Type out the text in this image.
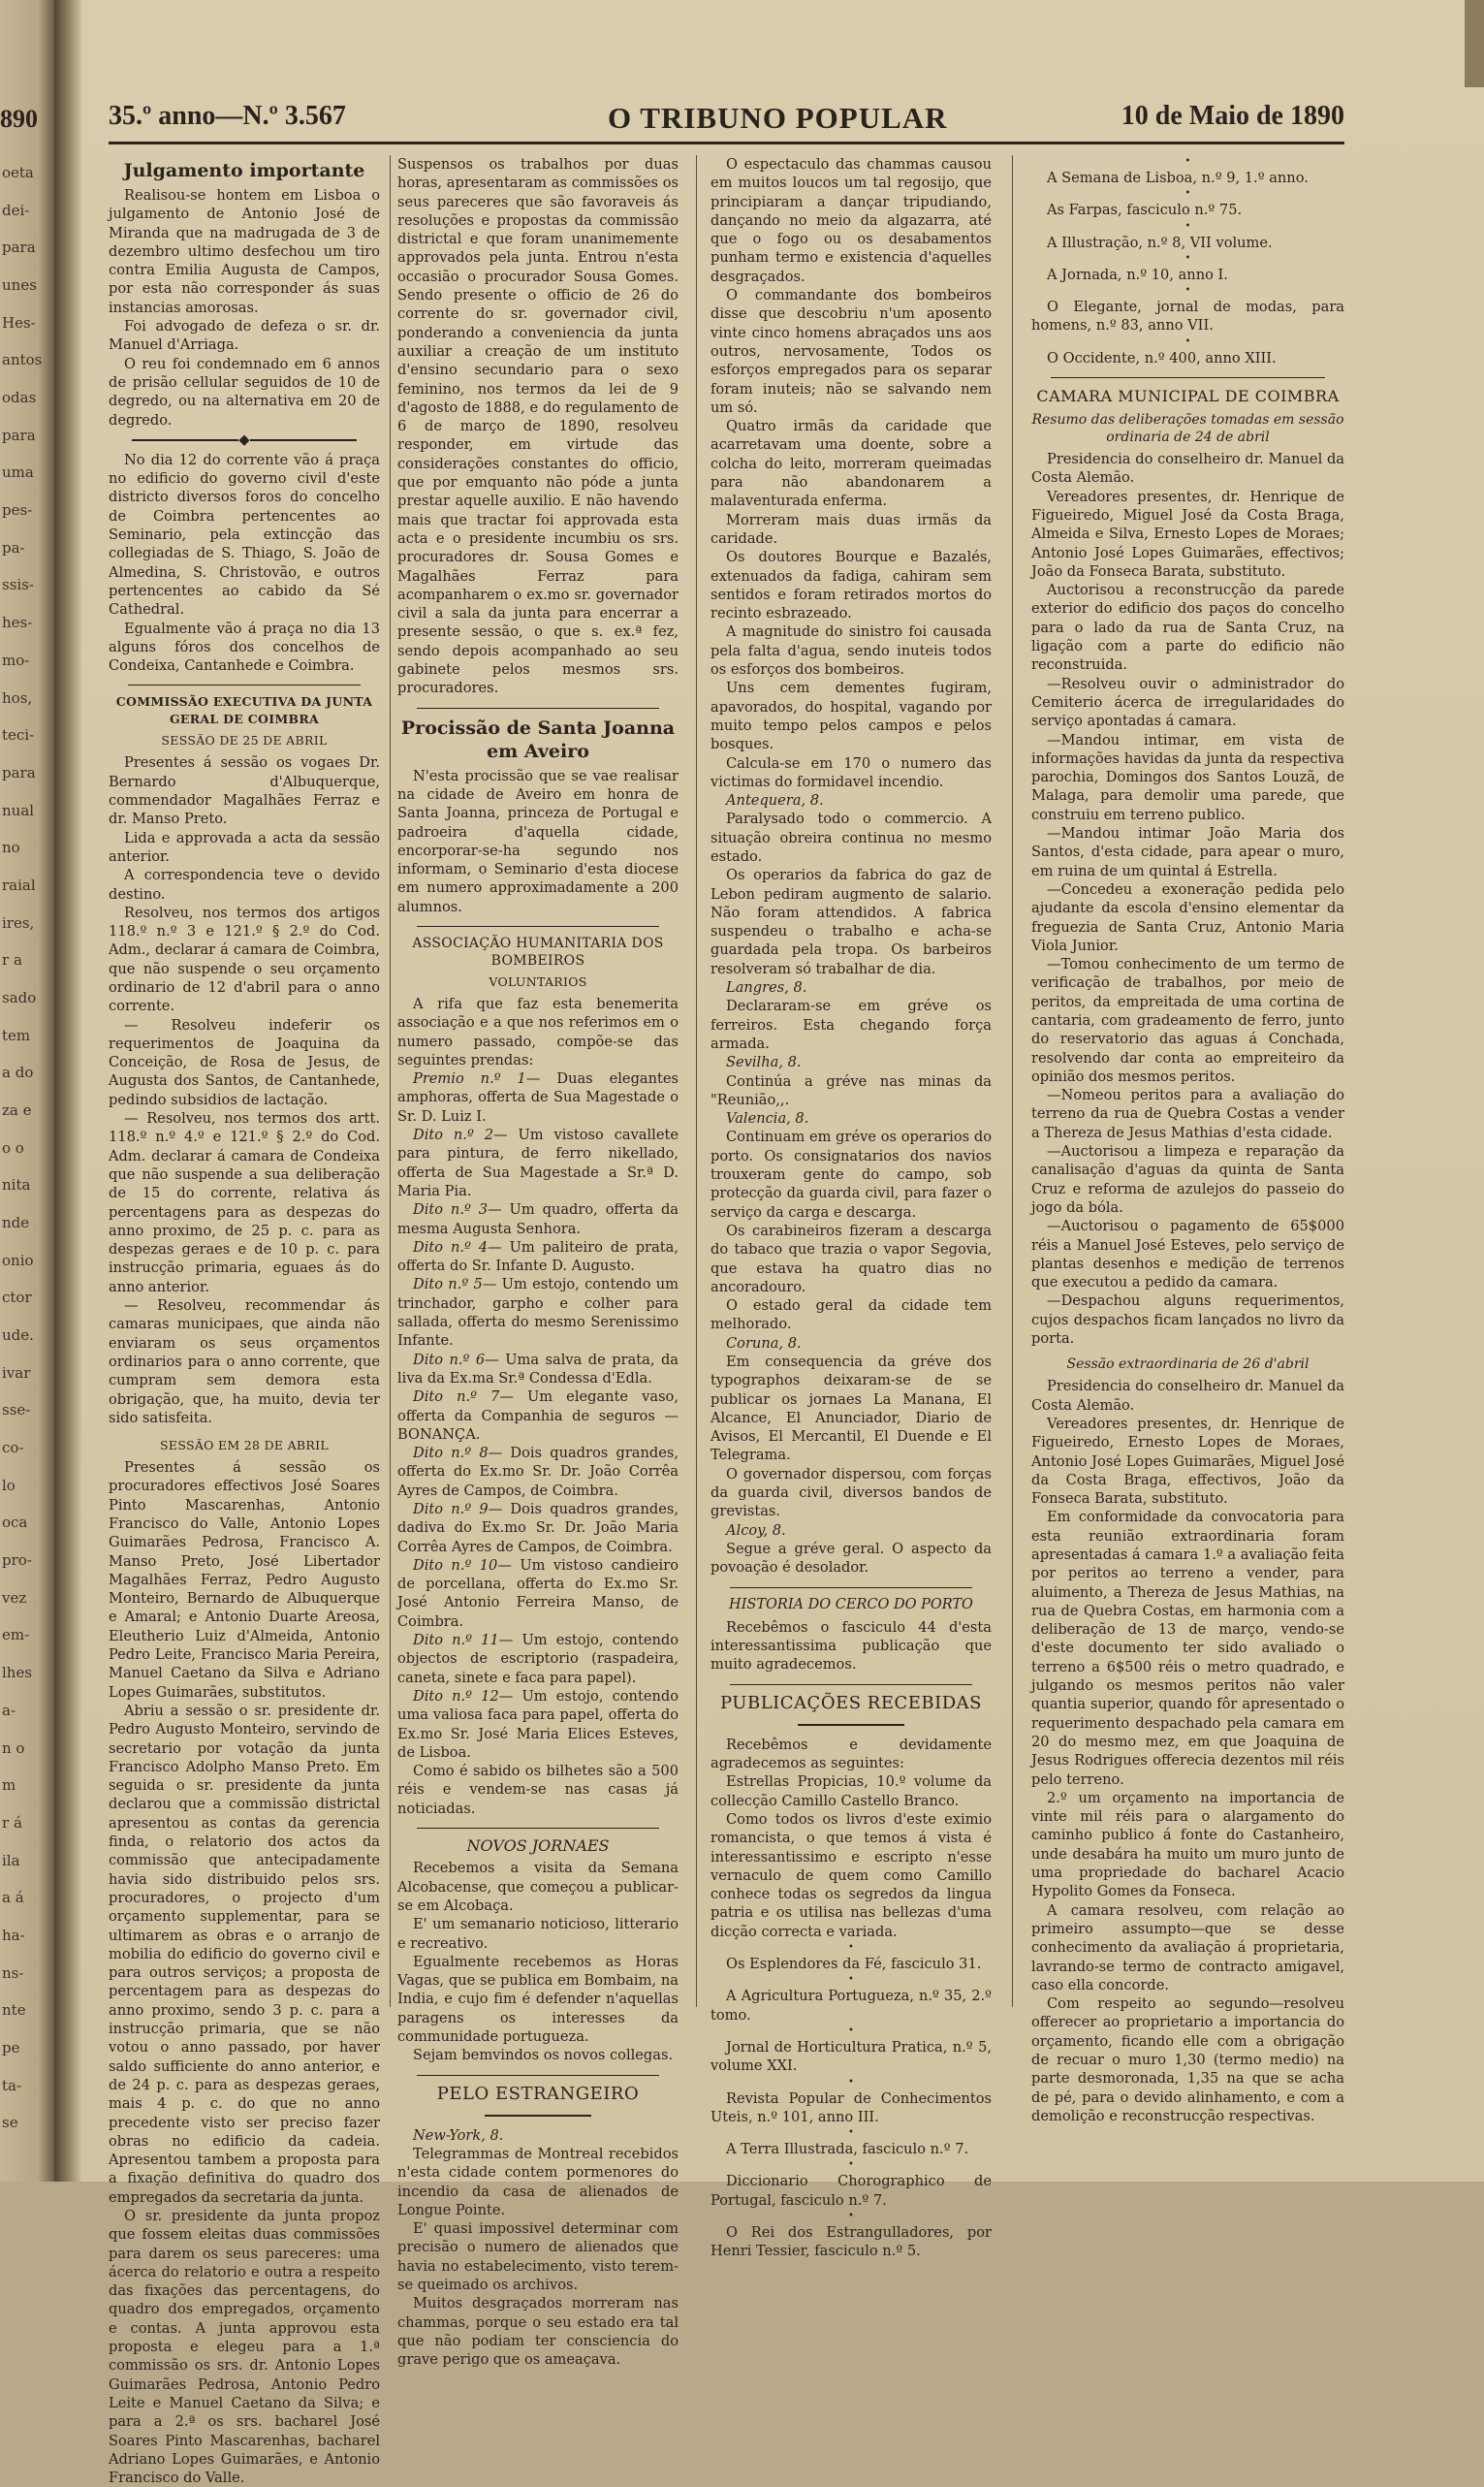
890
oeta
dei-
para
unes
Hes-
antos
odas
para
uma
pes-
pa-
ssis-
hes-
mo-
hos,
teci-
para
nual
no
raial
ires,
r a
sado
tem
a do
za e
o o
nita
nde
onio
ctor
ude.
ivar
sse-
co-
lo
oca
pro-
vez
em-
lhes
a-
n o
m
r á
ila
a á
ha-
ns-
nte
pe
ta-
se
35.º anno—N.º 3.567	O TRIBUNO POPULAR	10 de Maio de 1890
Julgamento importante

Realisou-se hontem em Lisboa o julgamento de Antonio José de Miranda que na madrugada de 3 de dezembro ultimo desfechou um tiro contra Emilia Augusta de Campos, por esta não corresponder ás suas instancias amorosas.

Foi advogado de defeza o sr. dr. Manuel d'Arriaga.

O reu foi condemnado em 6 annos de prisão cellular seguidos de 10 de degredo, ou na alternativa em 20 de degredo.

◆

No dia 12 do corrente vão á praça no edificio do governo civil d'este districto diversos foros do concelho de Coimbra pertencentes ao Seminario, pela extincção das collegiadas de S. Thiago, S. João de Almedina, S. Christovão, e outros pertencentes ao cabido da Sé Cathedral.

Egualmente vão á praça no dia 13 alguns fóros dos concelhos de Condeixa, Cantanhede e Coimbra.

COMMISSÃO EXECUTIVA DA JUNTA GERAL DE COIMBRA
SESSÃO DE 25 DE ABRIL

Presentes á sessão os vogaes Dr. Bernardo d'Albuquerque, commendador Magalhães Ferraz e dr. Manso Preto.

Lida e approvada a acta da sessão anterior.

A correspondencia teve o devido destino.

Resolveu, nos termos dos artigos 118.º n.º 3 e 121.º § 2.º do Cod. Adm., declarar á camara de Coimbra, que não suspende o seu orçamento ordinario de 12 d'abril para o anno corrente.

— Resolveu indeferir os requerimentos de Joaquina da Conceição, de Rosa de Jesus, de Augusta dos Santos, de Cantanhede, pedindo subsidios de lactação.

— Resolveu, nos termos dos artt. 118.º n.º 4.º e 121.º § 2.º do Cod. Adm. declarar á camara de Condeixa que não suspende a sua deliberação de 15 do corrente, relativa ás percentagens para as despezas do anno proximo, de 25 p. c. para as despezas geraes e de 10 p. c. para instrucção primaria, eguaes ás do anno anterior.

— Resolveu, recommendar ás camaras municipaes, que ainda não enviaram os seus orçamentos ordinarios para o anno corrente, que cumpram sem demora esta obrigação, que, ha muito, devia ter sido satisfeita.

SESSÃO EM 28 DE ABRIL

Presentes á sessão os procuradores effectivos José Soares Pinto Mascarenhas, Antonio Francisco do Valle, Antonio Lopes Guimarães Pedrosa, Francisco A. Manso Preto, José Libertador Magalhães Ferraz, Pedro Augusto Monteiro, Bernardo de Albuquerque e Amaral; e Antonio Duarte Areosa, Eleutherio Luiz d'Almeida, Antonio Pedro Leite, Francisco Maria Pereira, Manuel Caetano da Silva e Adriano Lopes Guimarães, substitutos.

Abriu a sessão o sr. presidente dr. Pedro Augusto Monteiro, servindo de secretario por votação da junta Francisco Adolpho Manso Preto. Em seguida o sr. presidente da junta declarou que a commissão districtal apresentou as contas da gerencia finda, o relatorio dos actos da commissão que antecipadamente havia sido distribuido pelos srs. procuradores, o projecto d'um orçamento supplementar, para se ultimarem as obras e o arranjo de mobilia do edificio do governo civil e para outros serviços; a proposta de percentagem para as despezas do anno proximo, sendo 3 p. c. para a instrucção primaria, que se não votou o anno passado, por haver saldo sufficiente do anno anterior, e de 24 p. c. para as despezas geraes, mais 4 p. c. do que no anno precedente visto ser preciso fazer obras no edificio da cadeia. Apresentou tambem a proposta para a fixação definitiva do quadro dos empregados da secretaria da junta.

O sr. presidente da junta propoz que fossem eleitas duas commissões para darem os seus pareceres: uma ácerca do relatorio e outra a respeito das fixações das percentagens, do quadro dos empregados, orçamento e contas. A junta approvou esta proposta e elegeu para a 1.ª commissão os srs. dr. Antonio Lopes Guimarães Pedrosa, Antonio Pedro Leite e Manuel Caetano da Silva; e para a 2.ª os srs. bacharel José Soares Pinto Mascarenhas, bacharel Adriano Lopes Guimarães, e Antonio Francisco do Valle.

Suspensos os trabalhos por duas horas, apresentaram as commissões os seus pareceres que são favoraveis ás resoluções e propostas da commissão districtal e que foram unanimemente approvados pela junta. Entrou n'esta occasião o procurador Sousa Gomes. Sendo presente o officio de 26 do corrente do sr. governador civil, ponderando a conveniencia da junta auxiliar a creação de um instituto d'ensino secundario para o sexo feminino, nos termos da lei de 9 d'agosto de 1888, e do regulamento de 6 de março de 1890, resolveu responder, em virtude das considerações constantes do officio, que por emquanto não póde a junta prestar aquelle auxilio. E não havendo mais que tractar foi approvada esta acta e o presidente incumbiu os srs. procuradores dr. Sousa Gomes e Magalhães Ferraz para acompanharem o ex.mo sr. governador civil a sala da junta para encerrar a presente sessão, o que s. ex.ª fez, sendo depois acompanhado ao seu gabinete pelos mesmos srs. procuradores.

Procissão de Santa Joanna em Aveiro

N'esta procissão que se vae realisar na cidade de Aveiro em honra de Santa Joanna, princeza de Portugal e padroeira d'aquella cidade, encorporar-se-ha segundo nos informam, o Seminario d'esta diocese em numero approximadamente a 200 alumnos.

ASSOCIAÇÃO HUMANITARIA DOS BOMBEIROS
VOLUNTARIOS

A rifa que faz esta benemerita associação e a que nos referimos em o numero passado, compõe-se das seguintes prendas:

Premio n.º 1— Duas elegantes amphoras, offerta de Sua Magestade o Sr. D. Luiz I.

Dito n.º 2— Um vistoso cavallete para pintura, de ferro nikellado, offerta de Sua Magestade a Sr.ª D. Maria Pia.

Dito n.º 3— Um quadro, offerta da mesma Augusta Senhora.

Dito n.º 4— Um paliteiro de prata, offerta do Sr. Infante D. Augusto.

Dito n.º 5— Um estojo, contendo um trinchador, garpho e colher para sallada, offerta do mesmo Serenissimo Infante.

Dito n.º 6— Uma salva de prata, da liva da Ex.ma Sr.ª Condessa d'Edla.

Dito n.º 7— Um elegante vaso, offerta da Companhia de seguros — BONANÇA.

Dito n.º 8— Dois quadros grandes, offerta do Ex.mo Sr. Dr. João Corrêa Ayres de Campos, de Coimbra.

Dito n.º 9— Dois quadros grandes, dadiva do Ex.mo Sr. Dr. João Maria Corrêa Ayres de Campos, de Coimbra.

Dito n.º 10— Um vistoso candieiro de porcellana, offerta do Ex.mo Sr. José Antonio Ferreira Manso, de Coimbra.

Dito n.º 11— Um estojo, contendo objectos de escriptorio (raspadeira, caneta, sinete e faca para papel).

Dito n.º 12— Um estojo, contendo uma valiosa faca para papel, offerta do Ex.mo Sr. José Maria Elices Esteves, de Lisboa.

Como é sabido os bilhetes são a 500 réis e vendem-se nas casas já noticiadas.

NOVOS JORNAES

Recebemos a visita da Semana Alcobacense, que começou a publicar-se em Alcobaça.

E' um semanario noticioso, litterario e recreativo.

Egualmente recebemos as Horas Vagas, que se publica em Bombaim, na India, e cujo fim é defender n'aquellas paragens os interesses da communidade portugueza.

Sejam bemvindos os novos collegas.

PELO ESTRANGEIRO

New-York, 8.

Telegrammas de Montreal recebidos n'esta cidade contem pormenores do incendio da casa de alienados de Longue Pointe.

E' quasi impossivel determinar com precisão o numero de alienados que havia no estabelecimento, visto terem-se queimado os archivos.

Muitos desgraçados morreram nas chammas, porque o seu estado era tal que não podiam ter consciencia do grave perigo que os ameaçava.

O espectaculo das chammas causou em muitos loucos um tal regosijo, que principiaram a dançar tripudiando, dançando no meio da algazarra, até que o fogo ou os desabamentos punham termo e existencia d'aquelles desgraçados.

O commandante dos bombeiros disse que descobriu n'um aposento vinte cinco homens abraçados uns aos outros, nervosamente, Todos os esforços empregados para os separar foram inuteis; não se salvando nem um só.

Quatro irmãs da caridade que acarretavam uma doente, sobre a colcha do leito, morreram queimadas para não abandonarem a malaventurada enferma.

Morreram mais duas irmãs da caridade.

Os doutores Bourque e Bazalés, extenuados da fadiga, cahiram sem sentidos e foram retirados mortos do recinto esbrazeado.

A magnitude do sinistro foi causada pela falta d'agua, sendo inuteis todos os esforços dos bombeiros.

Uns cem dementes fugiram, apavorados, do hospital, vagando por muito tempo pelos campos e pelos bosques.

Calcula-se em 170 o numero das victimas do formidavel incendio.

Antequera, 8.

Paralysado todo o commercio. A situação obreira continua no mesmo estado.

Os operarios da fabrica do gaz de Lebon pediram augmento de salario. Não foram attendidos. A fabrica suspendeu o trabalho e acha-se guardada pela tropa. Os barbeiros resolveram só trabalhar de dia.

Langres, 8.

Declararam-se em gréve os ferreiros. Esta chegando força armada.

Sevilha, 8.

Continúa a gréve nas minas da "Reunião,,.

Valencia, 8.

Continuam em gréve os operarios do porto. Os consignatarios dos navios trouxeram gente do campo, sob protecção da guarda civil, para fazer o serviço da carga e descarga.

Os carabineiros fizeram a descarga do tabaco que trazia o vapor Segovia, que estava ha quatro dias no ancoradouro.

O estado geral da cidade tem melhorado.

Coruna, 8.

Em consequencia da gréve dos typographos deixaram-se de se publicar os jornaes La Manana, El Alcance, El Anunciador, Diario de Avisos, El Mercantil, El Duende e El Telegrama.

O governador dispersou, com forças da guarda civil, diversos bandos de grevistas.

Alcoy, 8.

Segue a gréve geral. O aspecto da povoação é desolador.

HISTORIA DO CERCO DO PORTO

Recebêmos o fasciculo 44 d'esta interessantissima publicação que muito agradecemos.

PUBLICAÇÕES RECEBIDAS

Recebêmos e devidamente agradecemos as seguintes:

Estrellas Propicias, 10.º volume da collecção Camillo Castello Branco.

Como todos os livros d'este eximio romancista, o que temos á vista é interessantissimo e escripto n'esse vernaculo de quem como Camillo conhece todas os segredos da lingua patria e os utilisa nas bellezas d'uma dicção correcta e variada.

•

Os Esplendores da Fé, fasciculo 31.

•

A Agricultura Portugueza, n.º 35, 2.º tomo.

•

Jornal de Horticultura Pratica, n.º 5, volume XXI.

•

Revista Popular de Conhecimentos Uteis, n.º 101, anno III.

•

A Terra Illustrada, fasciculo n.º 7.

•

Diccionario Chorographico de Portugal, fasciculo n.º 7.

•

O Rei dos Estrangulladores, por Henri Tessier, fasciculo n.º 5.

•

A Semana de Lisboa, n.º 9, 1.º anno.

•

As Farpas, fasciculo n.º 75.

•

A Illustração, n.º 8, VII volume.

•

A Jornada, n.º 10, anno I.

•

O Elegante, jornal de modas, para homens, n.º 83, anno VII.

•

O Occidente, n.º 400, anno XIII.

CAMARA MUNICIPAL DE COIMBRA
Resumo das deliberações tomadas em sessão ordinaria de 24 de abril

Presidencia do conselheiro dr. Manuel da Costa Alemão.

Vereadores presentes, dr. Henrique de Figueiredo, Miguel José da Costa Braga, Almeida e Silva, Ernesto Lopes de Moraes; Antonio José Lopes Guimarães, effectivos; João da Fonseca Barata, substituto.

Auctorisou a reconstrucção da parede exterior do edificio dos paços do concelho para o lado da rua de Santa Cruz, na ligação com a parte do edificio não reconstruida.

—Resolveu ouvir o administrador do Cemiterio ácerca de irregularidades do serviço apontadas á camara.

—Mandou intimar, em vista de informações havidas da junta da respectiva parochia, Domingos dos Santos Louzã, de Malaga, para demolir uma parede, que construiu em terreno publico.

—Mandou intimar João Maria dos Santos, d'esta cidade, para apear o muro, em ruina de um quintal á Estrella.

—Concedeu a exoneração pedida pelo ajudante da escola d'ensino elementar da freguezia de Santa Cruz, Antonio Maria Viola Junior.

—Tomou conhecimento de um termo de verificação de trabalhos, por meio de peritos, da empreitada de uma cortina de cantaria, com gradeamento de ferro, junto do reservatorio das aguas á Conchada, resolvendo dar conta ao empreiteiro da opinião dos mesmos peritos.

—Nomeou peritos para a avaliação do terreno da rua de Quebra Costas a vender a Thereza de Jesus Mathias d'esta cidade.

—Auctorisou a limpeza e reparação da canalisação d'aguas da quinta de Santa Cruz e reforma de azulejos do passeio do jogo da bóla.

—Auctorisou o pagamento de 65$000 réis a Manuel José Esteves, pelo serviço de plantas desenhos e medição de terrenos que executou a pedido da camara.

—Despachou alguns requerimentos, cujos despachos ficam lançados no livro da porta.

Sessão extraordinaria de 26 d'abril

Presidencia do conselheiro dr. Manuel da Costa Alemão.

Vereadores presentes, dr. Henrique de Figueiredo, Ernesto Lopes de Moraes, Antonio José Lopes Guimarães, Miguel José da Costa Braga, effectivos, João da Fonseca Barata, substituto.

Em conformidade da convocatoria para esta reunião extraordinaria foram apresentadas á camara 1.º a avaliação feita por peritos ao terreno a vender, para aluimento, a Thereza de Jesus Mathias, na rua de Quebra Costas, em harmonia com a deliberação de 13 de março, vendo-se d'este documento ter sido avaliado o terreno a 6$500 réis o metro quadrado, e julgando os mesmos peritos não valer quantia superior, quando fôr apresentado o requerimento despachado pela camara em 20 do mesmo mez, em que Joaquina de Jesus Rodrigues offerecia dezentos mil réis pelo terreno.

2.º um orçamento na importancia de vinte mil réis para o alargamento do caminho publico á fonte do Castanheiro, unde desabára ha muito um muro junto de uma propriedade do bacharel Acacio Hypolito Gomes da Fonseca.

A camara resolveu, com relação ao primeiro assumpto—que se desse conhecimento da avaliação á proprietaria, lavrando-se termo de contracto amigavel, caso ella concorde.

Com respeito ao segundo—resolveu offerecer ao proprietario a importancia do orçamento, ficando elle com a obrigação de recuar o muro 1,30 (termo medio) na parte desmoronada, 1,35 na que se acha de pé, para o devido alinhamento, e com a demolição e reconstrucção respectivas.
